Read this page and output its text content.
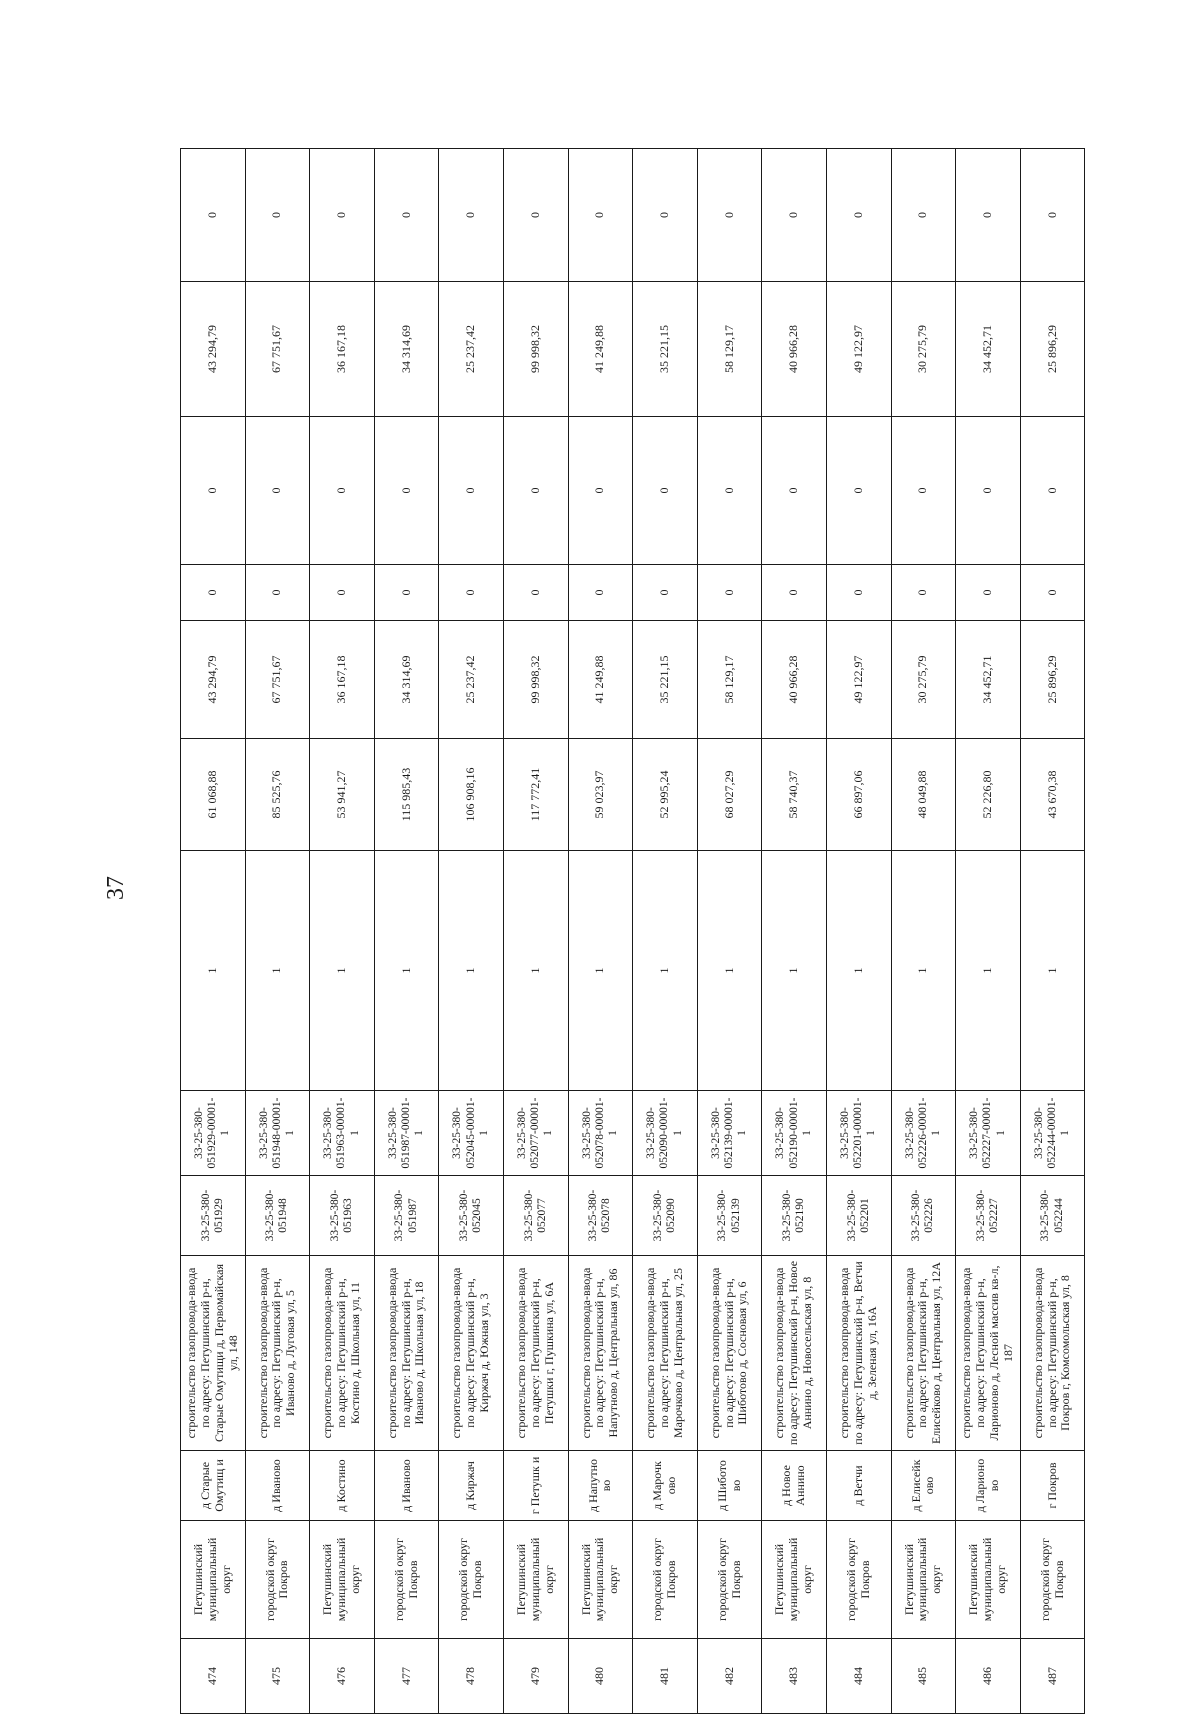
37
474	Петушинский муниципальный округ	д Старые Омутищ и	строительство газопровода-ввода по адресу: Петушинский р-н, Старые Омутищи д, Первомайская ул, 148	33-25-380-051929	33-25-380-051929-00001-1	1	61 068,88	43 294,79	0	0	43 294,79	0
475	городской округ Покров	д Иваново	строительство газопровода-ввода по адресу: Петушинский р-н, Иваново д, Луговая ул, 5	33-25-380-051948	33-25-380-051948-00001-1	1	85 525,76	67 751,67	0	0	67 751,67	0
476	Петушинский муниципальный округ	д Костино	строительство газопровода-ввода по адресу: Петушинский р-н, Костино д, Школьная ул, 11	33-25-380-051963	33-25-380-051963-00001-1	1	53 941,27	36 167,18	0	0	36 167,18	0
477	городской округ Покров	д Иваново	строительство газопровода-ввода по адресу: Петушинский р-н, Иваново д, Школьная ул, 18	33-25-380-051987	33-25-380-051987-00001-1	1	115 985,43	34 314,69	0	0	34 314,69	0
478	городской округ Покров	д Киржач	строительство газопровода-ввода по адресу: Петушинский р-н, Киржач д, Южная ул, 3	33-25-380-052045	33-25-380-052045-00001-1	1	106 908,16	25 237,42	0	0	25 237,42	0
479	Петушинский муниципальный округ	г Петушк и	строительство газопровода-ввода по адресу: Петушинский р-н, Петушки г, Пушкина ул, 6А	33-25-380-052077	33-25-380-052077-00001-1	1	117 772,41	99 998,32	0	0	99 998,32	0
480	Петушинский муниципальный округ	д Напутно во	строительство газопровода-ввода по адресу: Петушинский р-н, Напутново д, Центральная ул, 86	33-25-380-052078	33-25-380-052078-00001-1	1	59 023,97	41 249,88	0	0	41 249,88	0
481	городской округ Покров	д Марочк ово	строительство газопровода-ввода по адресу: Петушинский р-н, Марочково д, Центральная ул, 25	33-25-380-052090	33-25-380-052090-00001-1	1	52 995,24	35 221,15	0	0	35 221,15	0
482	городской округ Покров	д Шибото во	строительство газопровода-ввода по адресу: Петушинский р-н, Шиботово д, Сосновая ул, 6	33-25-380-052139	33-25-380-052139-00001-1	1	68 027,29	58 129,17	0	0	58 129,17	0
483	Петушинский муниципальный округ	д Новое Аннино	строительство газопровода-ввода по адресу: Петушинский р-н, Новое Аннино д, Новосельская ул, 8	33-25-380-052190	33-25-380-052190-00001-1	1	58 740,37	40 966,28	0	0	40 966,28	0
484	городской округ Покров	д Ветчи	строительство газопровода-ввода по адресу: Петушинский р-н, Ветчи д, Зеленая ул, 16А	33-25-380-052201	33-25-380-052201-00001-1	1	66 897,06	49 122,97	0	0	49 122,97	0
485	Петушинский муниципальный округ	д Елисейк ово	строительство газопровода-ввода по адресу: Петушинский р-н, Елисейково д, Центральная ул, 12А	33-25-380-052226	33-25-380-052226-00001-1	1	48 049,88	30 275,79	0	0	30 275,79	0
486	Петушинский муниципальный округ	д Ларионо во	строительство газопровода-ввода по адресу: Петушинский р-н, Ларионово д, Лесной массив кв-л, 187	33-25-380-052227	33-25-380-052227-00001-1	1	52 226,80	34 452,71	0	0	34 452,71	0
487	городской округ Покров	г Покров	строительство газопровода-ввода по адресу: Петушинский р-н, Покров г, Комсомольская ул, 8	33-25-380-052244	33-25-380-052244-00001-1	1	43 670,38	25 896,29	0	0	25 896,29	0
